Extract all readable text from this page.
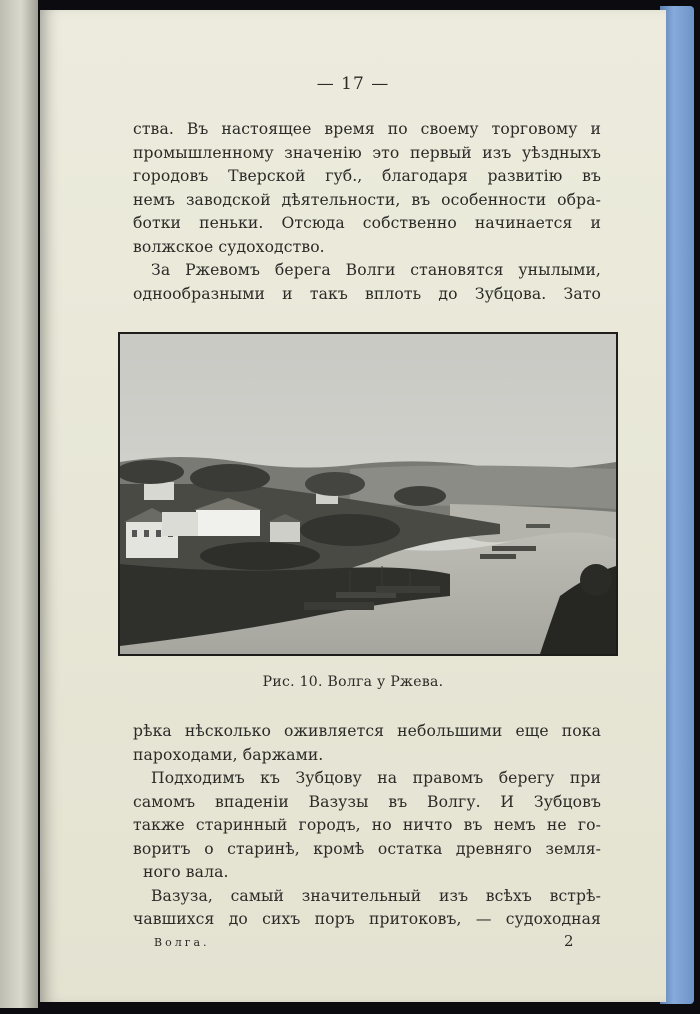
— 17 —
ства. Въ настоящее время по своему торговому и
промышленному значенію это первый изъ уѣздныхъ
городовъ Тверской губ., благодаря развитію въ
немъ заводской дѣятельности, въ особенности обра-
ботки пеньки. Отсюда собственно начинается и
волжское судоходство.
За Ржевомъ берега Волги становятся унылыми,
однообразными и такъ вплоть до Зубцова. Зато
Рис. 10. Волга у Ржева.
рѣка нѣсколько оживляется небольшими еще пока
пароходами, баржами.
Подходимъ къ Зубцову на правомъ берегу при
самомъ впаденіи Вазузы въ Волгу. И Зубцовъ
также старинный городъ, но ничто въ немъ не го-
воритъ о старинѣ, кромѣ остатка древняго земля-
ного вала.
Вазуза, самый значительный изъ всѣхъ встрѣ-
чавшихся до сихъ поръ притоковъ, — судоходная
Волга.	2
